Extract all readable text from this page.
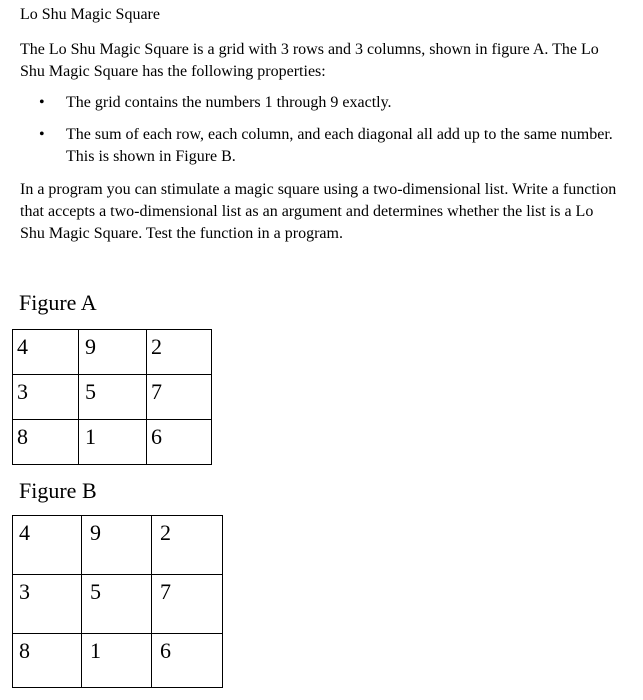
Lo Shu Magic Square
The Lo Shu Magic Square is a grid with 3 rows and 3 columns, shown in figure A. The Lo Shu Magic Square has the following properties:
• The grid contains the numbers 1 through 9 exactly.
• The sum of each row, each column, and each diagonal all add up to the same number. This is shown in Figure B.
In a program you can stimulate a magic square using a two-dimensional list. Write a function that accepts a two-dimensional list as an argument and determines whether the list is a Lo Shu Magic Square. Test the function in a program.
Figure A
4	9	2
3	5	7
8	1	6
Figure B
4	9	2
3	5	7
8	1	6
